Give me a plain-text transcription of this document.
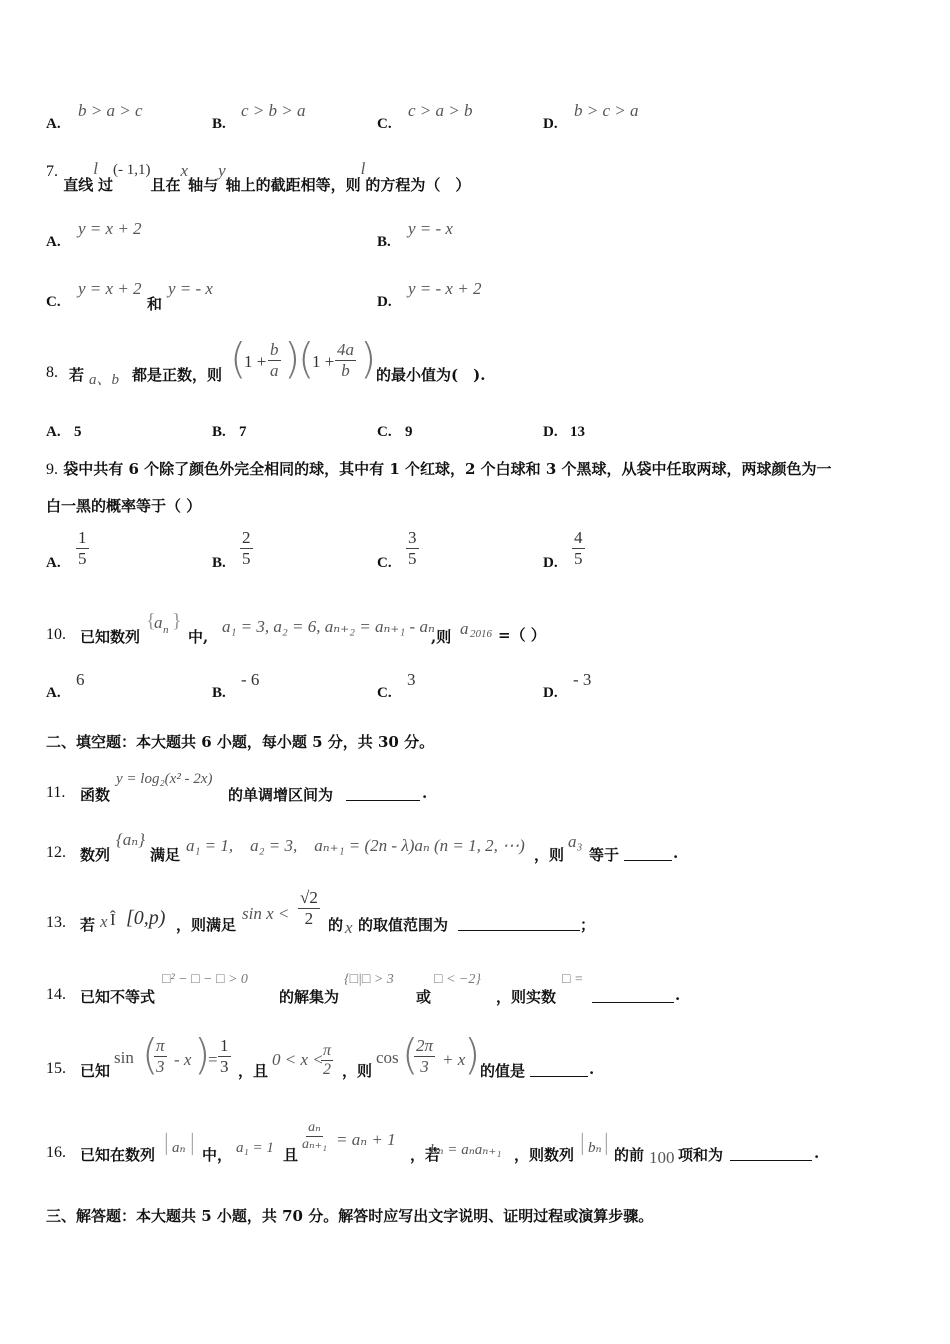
A.
b > a > c
B.
c > b > a
C.
c > a > b
D.
b > c > a
7. 直线l过(- 1,1)且在x轴与y轴上的截距相等，则l的方程为（　）
A.
y = x + 2
B.
y = - x
C.
y = x + 2
和
y = - x
D.
y = - x + 2
8. 若 a、b 都是正数，则 (
$1 + \frac{b}{a}$ )
(
$1 + \frac{4a}{b}$ ) 的最小值为(　).
A. 5	B. 7	C. 9	D. 13
9. 袋中共有 6 个除了颜色外完全相同的球，其中有 1 个红球，2 个白球和 3 个黑球，从袋中任取两球，两球颜色为一
白一黑的概率等于（ ）
A. $\frac{1}{5}$	B. $\frac{2}{5}$	C. $\frac{3}{5}$	D. $\frac{4}{5}$
10. 已知数列
{
a n }
中,
a₁ = 3, a₂ = 6, aₙ₊₂ = aₙ₊₁ - aₙ
,则 a 2016 =（ ）
A.
6
B.
- 6
C.
3
D.
- 3
二、填空题：本大题共 6 小题，每小题 5 分，共 30 分。
11. 函数
y = log₂(x² - 2x)
的单调增区间为	.
12. 数列
{aₙ}
满足 a₁ = 1,　a₂ = 3,　aₙ₊₁ = (2n - λ)aₙ (n = 1, 2, ⋯) ，则
a₃
等于	.
13. 若 x Î [0,p) ，则满足
$\sin x < \frac{√2}{2}$ 的 x 的取值范围为	；
14. 已知不等式
□² − □ − □ > 0
的解集为
{□|□ > 3
或
□ < −2}
，则实数
□ =
.
15. 已知
sin (
$\frac{\pi}{3}$ - x )
= $\frac{1}{3}$ ，且
0 < x <
$\frac{\pi}{2}$ ，则
cos (
$\frac{2\pi}{3} + x$
) 的值是	.
16. 已知在数列 | aₙ | 中， a₁ = 1 且
$\frac{\text{aₙ}}{\text{aₙ₊₁}} = a_n + 1$
，若
bₙ = aₙaₙ₊₁ ，则数列 | bₙ | 的前 100 项和为	.
三、解答题：本大题共 5 小题，共 70 分。解答时应写出文字说明、证明过程或演算步骤。
